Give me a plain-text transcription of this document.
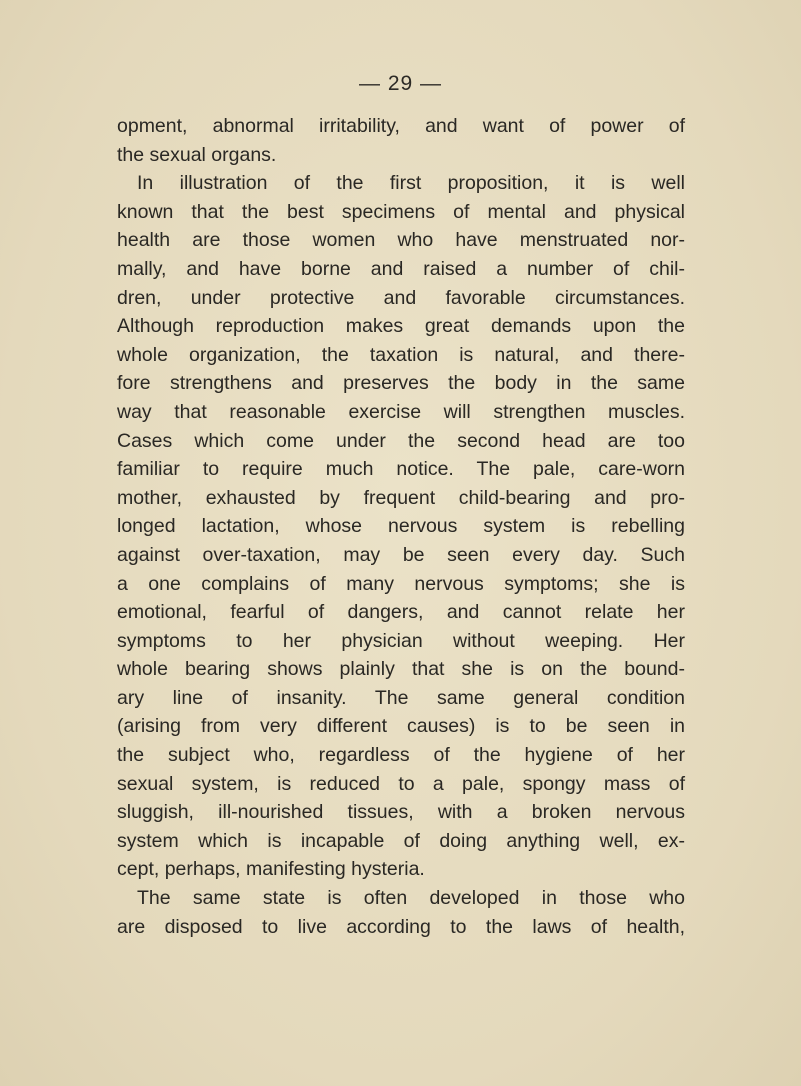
— 29 —
opment, abnormal irritability, and want of power of
the sexual organs.
In illustration of the first proposition, it is well
known that the best specimens of mental and physical
health are those women who have menstruated nor-
mally, and have borne and raised a number of chil-
dren, under protective and favorable circumstances.
Although reproduction makes great demands upon the
whole organization, the taxation is natural, and there-
fore strengthens and preserves the body in the same
way that reasonable exercise will strengthen muscles.
Cases which come under the second head are too
familiar to require much notice. The pale, care-worn
mother, exhausted by frequent child-bearing and pro-
longed lactation, whose nervous system is rebelling
against over-taxation, may be seen every day. Such
a one complains of many nervous symptoms; she is
emotional, fearful of dangers, and cannot relate her
symptoms to her physician without weeping. Her
whole bearing shows plainly that she is on the bound-
ary line of insanity. The same general condition
(arising from very different causes) is to be seen in
the subject who, regardless of the hygiene of her
sexual system, is reduced to a pale, spongy mass of
sluggish, ill-nourished tissues, with a broken nervous
system which is incapable of doing anything well, ex-
cept, perhaps, manifesting hysteria.
The same state is often developed in those who
are disposed to live according to the laws of health,
